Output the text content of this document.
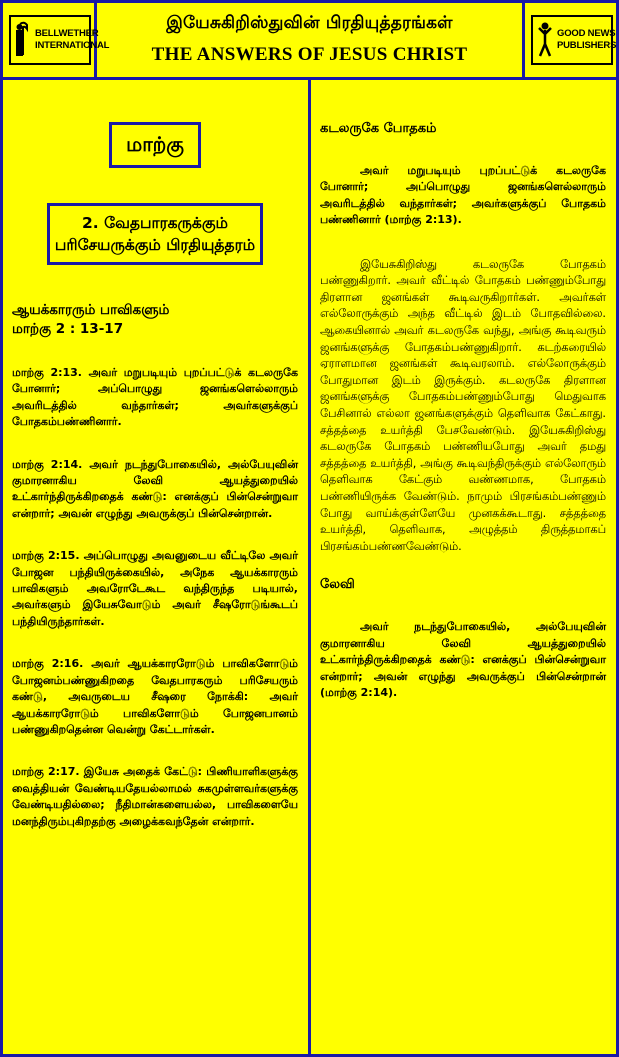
BELLWETHER
INTERNATIONAL
இயேசுகிறிஸ்துவின் பிரதியுத்தரங்கள்
THE ANSWERS OF JESUS CHRIST
GOOD NEWS
PUBLISHERS
மாற்கு
2. வேதபாரகருக்கும் பரிசேயருக்கும் பிரதியுத்தரம்
ஆயக்காரரும் பாவிகளும்
மாற்கு 2 : 13-17
மாற்கு 2:13. அவர் மறுபடியும் புறப்பட்டுக் கடலருகே போனார்; அப்பொழுது ஜனங்களெல்லாரும் அவரிடத்தில் வந்தார்கள்; அவர்களுக்குப் போதகம்பண்ணினார்.
மாற்கு 2:14. அவர் நடந்துபோகையில், அல்பேயுவின் குமாரனாகிய லேவி ஆயத்துறையில் உட்கார்ந்திருக்கிறதைக் கண்டு: எனக்குப் பின்சென்றுவா என்றார்; அவன் எழுந்து அவருக்குப் பின்சென்றான்.
மாற்கு 2:15. அப்பொழுது அவனுடைய வீட்டிலே அவர் போஜன பந்தியிருக்கையில், அநேக ஆயக்காரரும் பாவிகளும் அவரோடேகூட வந்திருந்த படியால், அவர்களும் இயேசுவோடும் அவர் சீஷரோடுங்கூடப் பந்தியிருந்தார்கள்.
மாற்கு 2:16. அவர் ஆயக்காரரோடும் பாவிகளோடும் போஜனம்பண்ணுகிறதை வேதபாரகரும் பரிசேயரும் கண்டு, அவருடைய சீஷரை நோக்கி: அவர் ஆயக்காரரோடும் பாவிகளோடும் போஜனபானம் பண்ணுகிறதென்ன வென்று கேட்டார்கள்.
மாற்கு 2:17. இயேசு அதைக் கேட்டு: பிணியாளிகளுக்கு வைத்தியன் வேண்டியதேயல்லாமல் சுகமுள்ளவர்களுக்கு வேண்டியதில்லை; நீதிமான்களையல்ல, பாவிகளையே மனந்திரும்புகிறதற்கு அழைக்கவந்தேன் என்றார்.
கடலருகே போதகம்
அவர் மறுபடியும் புறப்பட்டுக் கடலருகே போனார்; அப்பொழுது ஜனங்களெல்லாரும் அவரிடத்தில் வந்தார்கள்; அவர்களுக்குப் போதகம் பண்ணினார் (மாற்கு 2:13).
இயேசுகிறிஸ்து கடலருகே போதகம் பண்ணுகிறார். அவர் வீட்டில் போதகம் பண்ணும்போது திரளான ஜனங்கள் கூடிவருகிறார்கள். அவர்கள் எல்லோருக்கும் அந்த வீட்டில் இடம் போதவில்லை. ஆகையினால் அவர் கடலருகே வந்து, அங்கு கூடிவரும் ஜனங்களுக்கு போதகம்பண்ணுகிறார். கடற்கரையில் ஏராளமான ஜனங்கள் கூடிவரலாம். எல்லோருக்கும் போதுமான இடம் இருக்கும். கடலருகே திரளான ஜனங்களுக்கு போதகம்பண்ணும்போது மெதுவாக பேசினால் எல்லா ஜனங்களுக்கும் தெளிவாக கேட்காது. சத்தத்தை உயர்த்தி பேசவேண்டும். இயேசுகிறிஸ்து கடலருகே போதகம் பண்ணியபோது அவர் தமது சத்தத்தை உயர்த்தி, அங்கு கூடிவந்திருக்கும் எல்லோரும் தெளிவாக கேட்கும் வண்ணமாக, போதகம் பண்ணியிருக்க வேண்டும். நாமும் பிரசங்கம்பண்ணும் போது வாய்க்குள்ளேயே முனகக்கூடாது. சத்தத்தை உயர்த்தி, தெளிவாக, அழுத்தம் திருத்தமாகப் பிரசங்கம்பண்ணவேண்டும்.
லேவி
அவர் நடந்துபோகையில், அல்பேயுவின் குமாரனாகிய லேவி ஆயத்துறையில் உட்கார்ந்திருக்கிறதைக் கண்டு: எனக்குப் பின்சென்றுவா என்றார்; அவன் எழுந்து அவருக்குப் பின்சென்றான் (மாற்கு 2:14).
